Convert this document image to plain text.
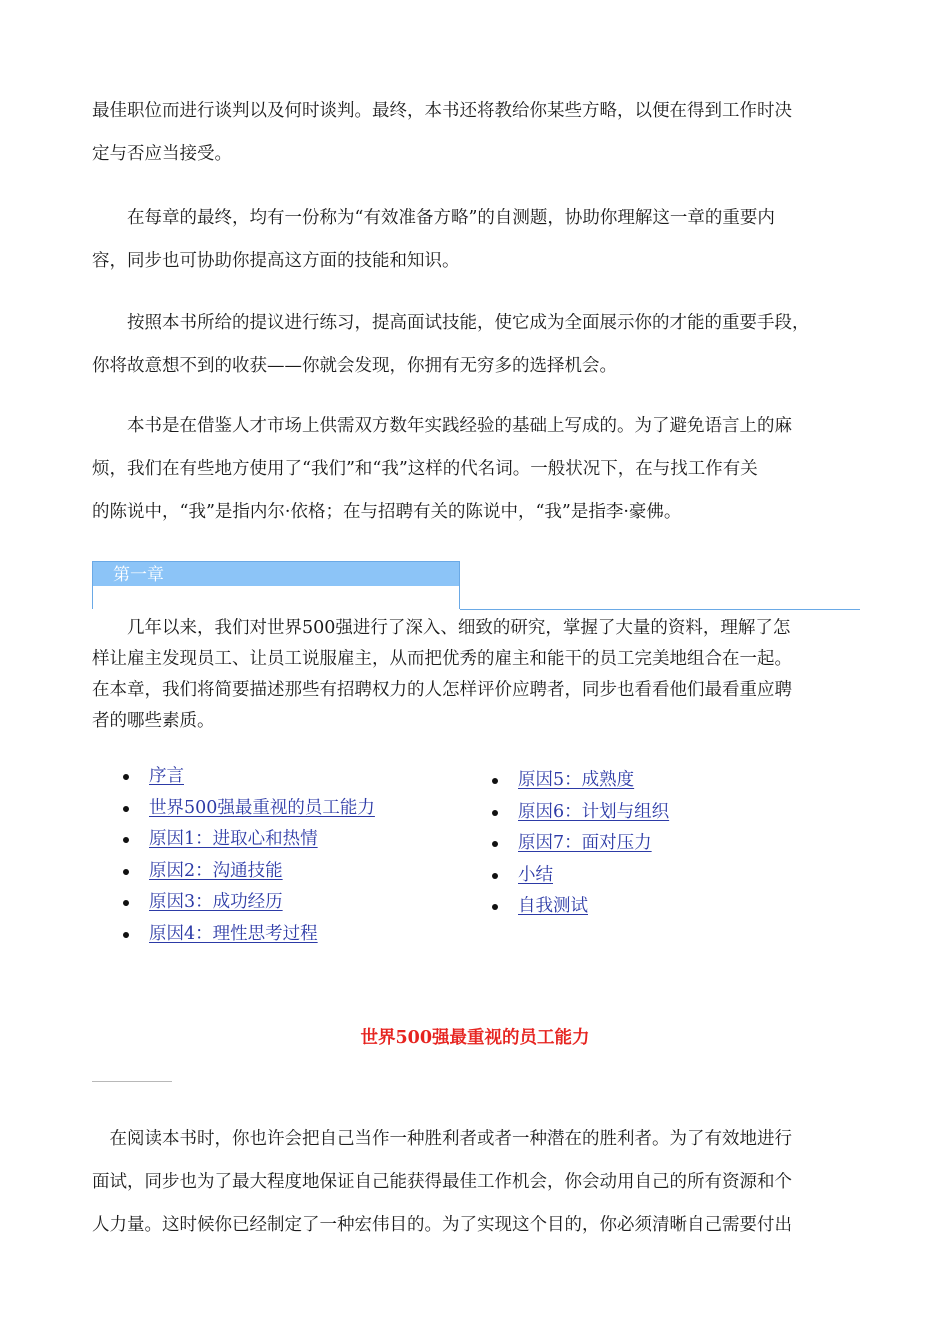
最佳职位而进行谈判以及何时谈判。最终，本书还将教给你某些方略，以便在得到工作时决
定与否应当接受。
　　在每章的最终，均有一份称为“有效准备方略”的自测题，协助你理解这一章的重要内
容，同步也可协助你提高这方面的技能和知识。
　　按照本书所给的提议进行练习，提高面试技能，使它成为全面展示你的才能的重要手段，
你将故意想不到的收获——你就会发现，你拥有无穷多的选择机会。
　　本书是在借鉴人才市场上供需双方数年实践经验的基础上写成的。为了避免语言上的麻
烦，我们在有些地方使用了“我们”和“我”这样的代名词。一般状况下，在与找工作有关
的陈说中，“我”是指内尔·依格；在与招聘有关的陈说中，“我”是指李·豪佛。
第一章
　　几年以来，我们对世界500强进行了深入、细致的研究，掌握了大量的资料，理解了怎
样让雇主发现员工、让员工说服雇主，从而把优秀的雇主和能干的员工完美地组合在一起。
在本章，我们将简要描述那些有招聘权力的人怎样评价应聘者，同步也看看他们最看重应聘
者的哪些素质。
序言
世界500强最重视的员工能力
原因1：进取心和热情
原因2：沟通技能
原因3：成功经历
原因4：理性思考过程
原因5：成熟度
原因6：计划与组织
原因7：面对压力
小结
自我测试
世界500强最重视的员工能力
　在阅读本书时，你也许会把自己当作一种胜利者或者一种潜在的胜利者。为了有效地进行
面试，同步也为了最大程度地保证自己能获得最佳工作机会，你会动用自己的所有资源和个
人力量。这时候你已经制定了一种宏伟目的。为了实现这个目的，你必须清晰自己需要付出
